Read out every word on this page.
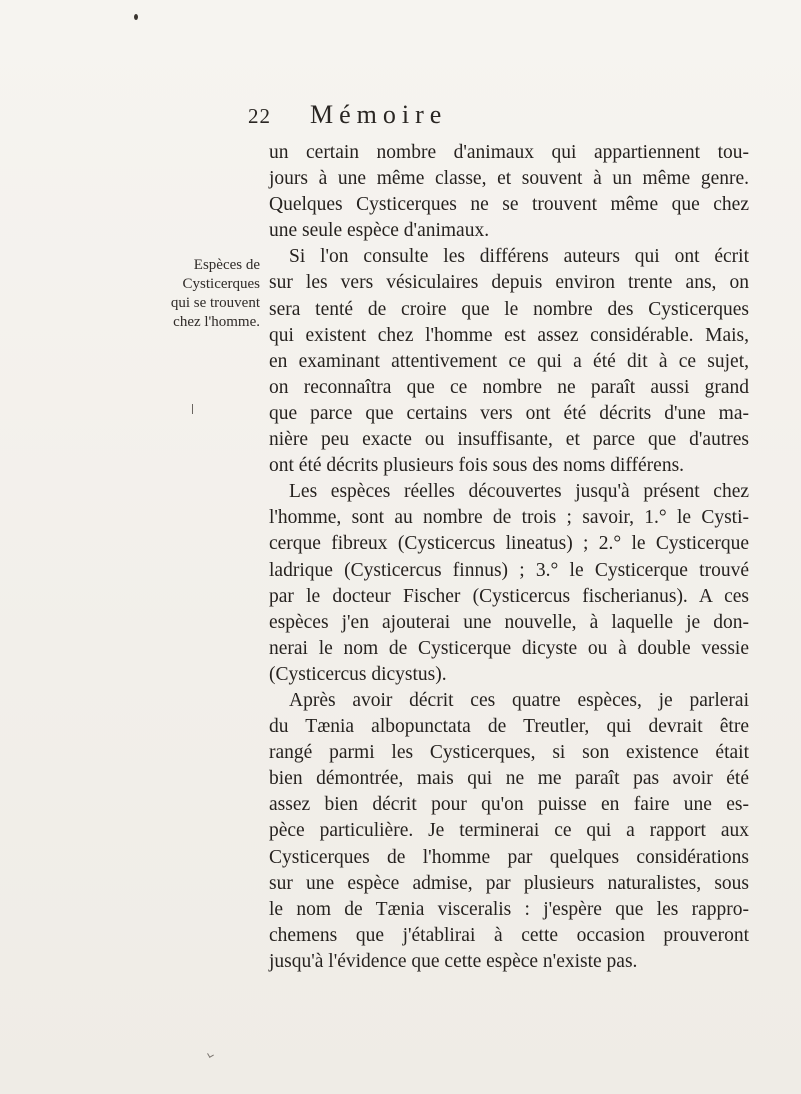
22 Mémoire
Espèces de
Cysticerques
qui se trouvent
chez l'homme.
un certain nombre d'animaux qui appartiennent tou-
jours à une même classe, et souvent à un même genre.
Quelques Cysticerques ne se trouvent même que chez
une seule espèce d'animaux.
Si l'on consulte les différens auteurs qui ont écrit
sur les vers vésiculaires depuis environ trente ans, on
sera tenté de croire que le nombre des Cysticerques
qui existent chez l'homme est assez considérable. Mais,
en examinant attentivement ce qui a été dit à ce sujet,
on reconnaîtra que ce nombre ne paraît aussi grand
que parce que certains vers ont été décrits d'une ma-
nière peu exacte ou insuffisante, et parce que d'autres
ont été décrits plusieurs fois sous des noms différens.
Les espèces réelles découvertes jusqu'à présent chez
l'homme, sont au nombre de trois ; savoir, 1.° le Cysti-
cerque fibreux (Cysticercus lineatus) ; 2.° le Cysticerque
ladrique (Cysticercus finnus) ; 3.° le Cysticerque trouvé
par le docteur Fischer (Cysticercus fischerianus). A ces
espèces j'en ajouterai une nouvelle, à laquelle je don-
nerai le nom de Cysticerque dicyste ou à double vessie
(Cysticercus dicystus).
Après avoir décrit ces quatre espèces, je parlerai
du Tænia albopunctata de Treutler, qui devrait être
rangé parmi les Cysticerques, si son existence était
bien démontrée, mais qui ne me paraît pas avoir été
assez bien décrit pour qu'on puisse en faire une es-
pèce particulière. Je terminerai ce qui a rapport aux
Cysticerques de l'homme par quelques considérations
sur une espèce admise, par plusieurs naturalistes, sous
le nom de Tænia visceralis : j'espère que les rappro-
chemens que j'établirai à cette occasion prouveront
jusqu'à l'évidence que cette espèce n'existe pas.
